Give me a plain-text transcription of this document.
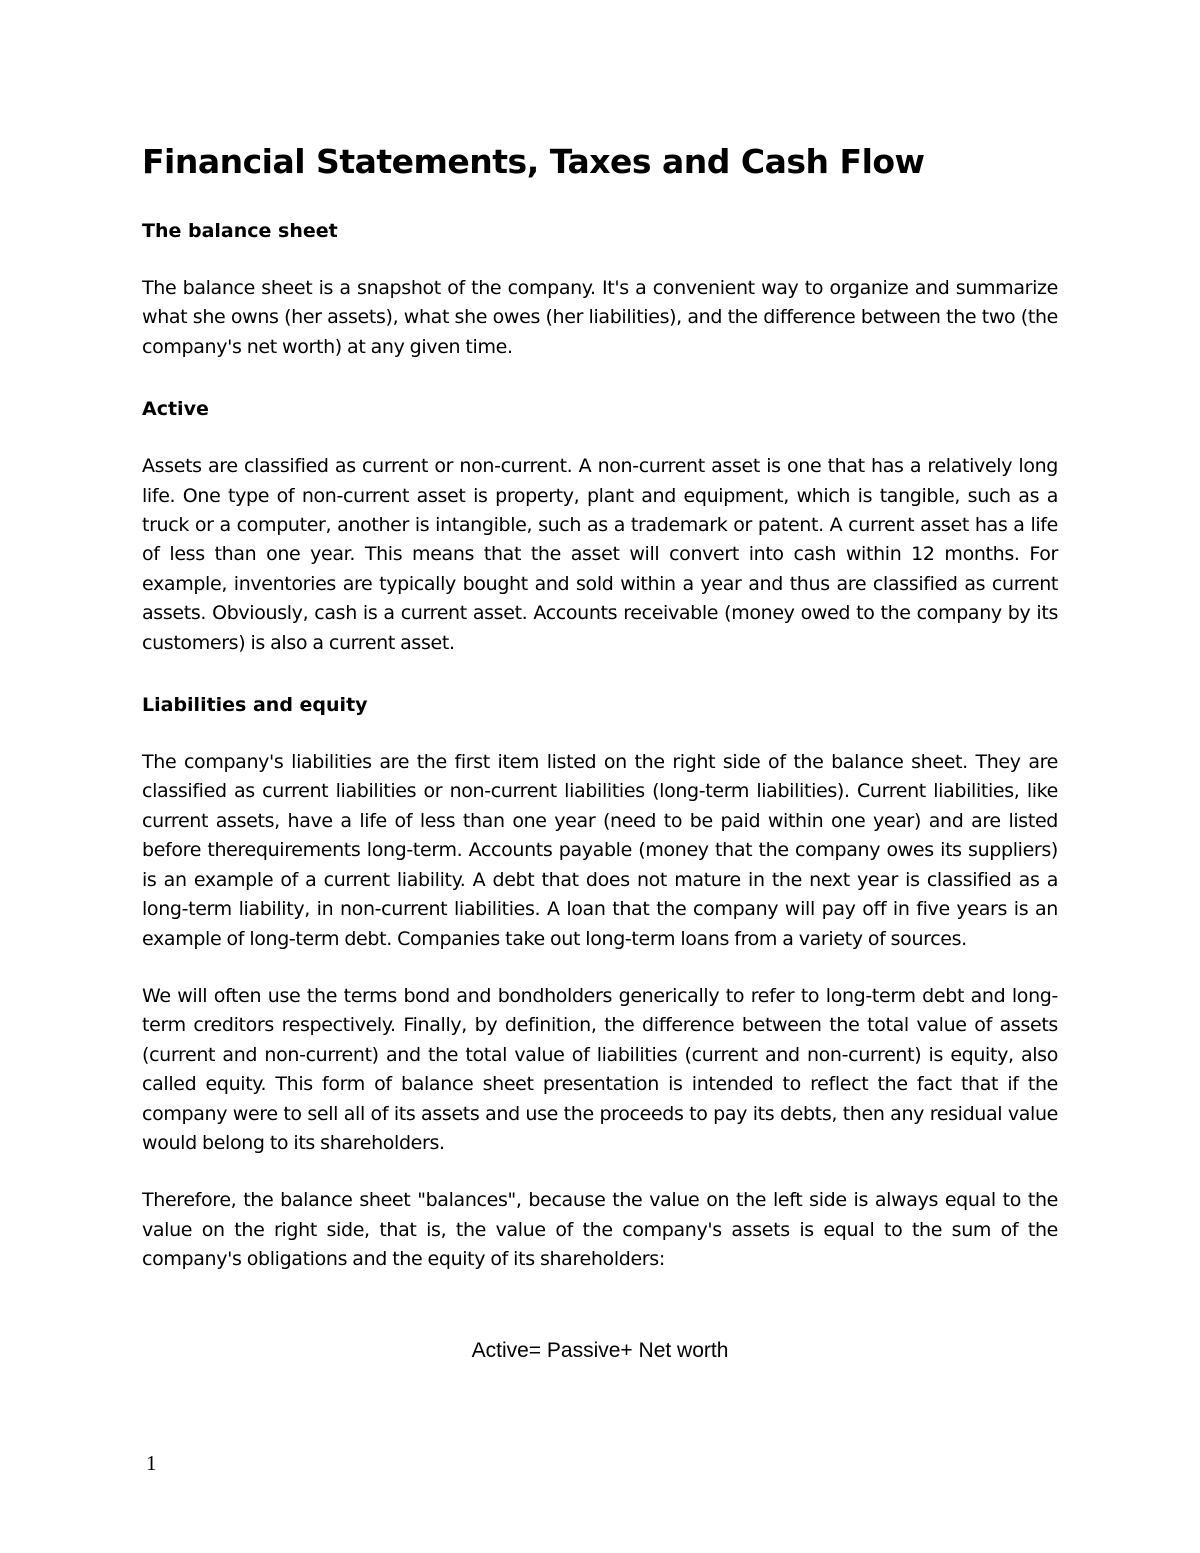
Financial Statements, Taxes and Cash Flow
The balance sheet

The balance sheet is a snapshot of the company. It's a convenient way to organize and summarize what she owns (her assets), what she owes (her liabilities), and the difference between the two (the company's net worth) at any given time.

Active

Assets are classified as current or non-current. A non-current asset is one that has a relatively long life. One type of non-current asset is property, plant and equipment, which is tangible, such as a truck or a computer, another is intangible, such as a trademark or patent. A current asset has a life of less than one year. This means that the asset will convert into cash within 12 months. For example, inventories are typically bought and sold within a year and thus are classified as current assets. Obviously, cash is a current asset. Accounts receivable (money owed to the company by its customers) is also a current asset.

Liabilities and equity

The company's liabilities are the first item listed on the right side of the balance sheet. They are classified as current liabilities or non-current liabilities (long-term liabilities). Current liabilities, like current assets, have a life of less than one year (need to be paid within one year) and are listed before therequirements long-term. Accounts payable (money that the company owes its suppliers) is an example of a current liability. A debt that does not mature in the next year is classified as a long-term liability, in non-current liabilities. A loan that the company will pay off in five years is an example of long-term debt. Companies take out long-term loans from a variety of sources.

We will often use the terms bond and bondholders generically to refer to long-term debt and long-term creditors respectively. Finally, by definition, the difference between the total value of assets (current and non-current) and the total value of liabilities (current and non-current) is equity, also called equity. This form of balance sheet presentation is intended to reflect the fact that if the company were to sell all of its assets and use the proceeds to pay its debts, then any residual value would belong to its shareholders.

Therefore, the balance sheet "balances", because the value on the left side is always equal to the value on the right side, that is, the value of the company's assets is equal to the sum of the company's obligations and the equity of its shareholders:

Active= Passive+ Net worth
1
